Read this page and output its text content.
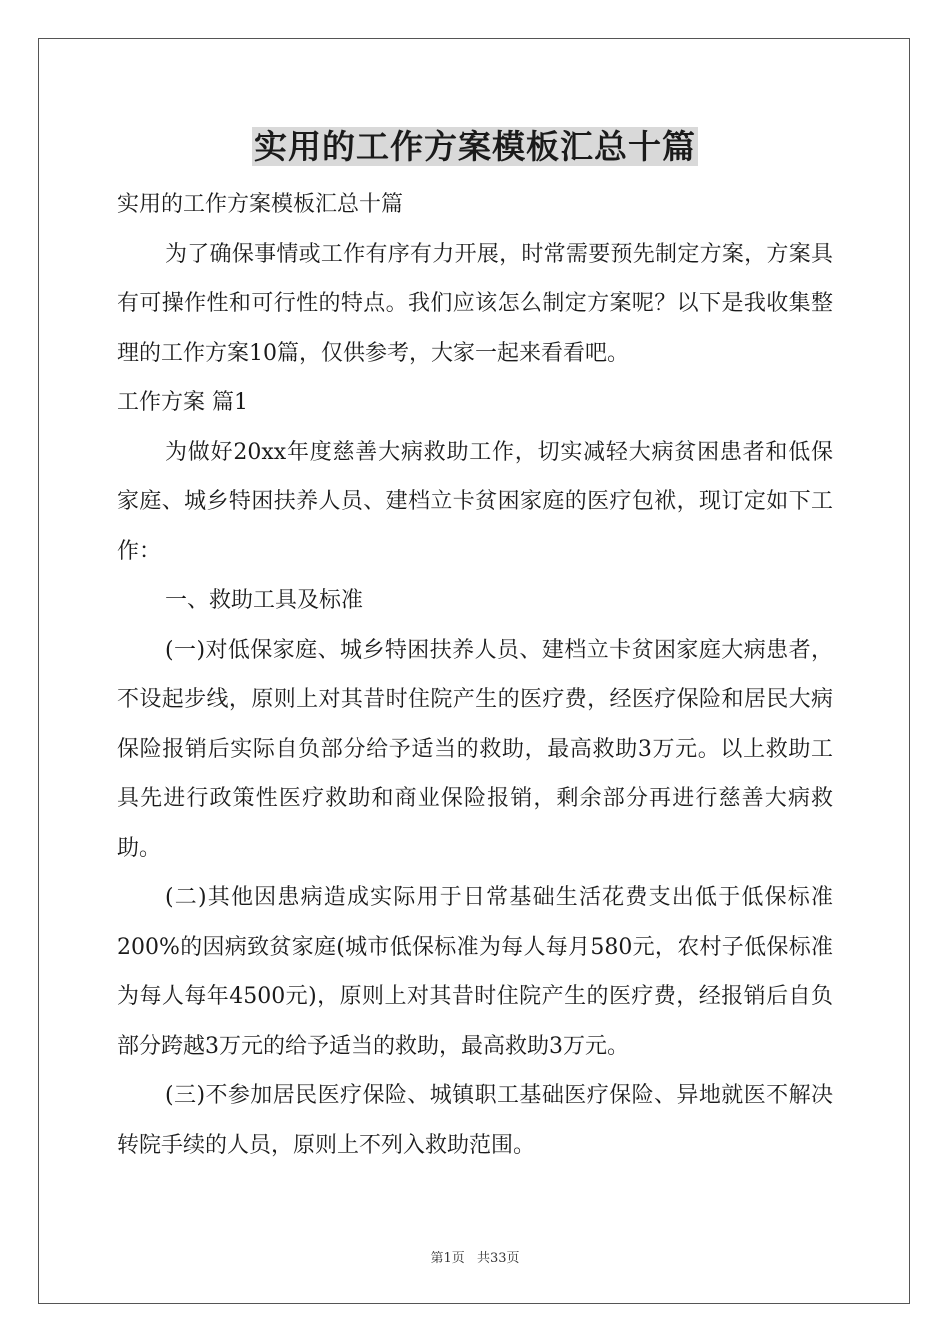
实用的工作方案模板汇总十篇

实用的工作方案模板汇总十篇

为了确保事情或工作有序有力开展，时常需要预先制定方案，方案具有可操作性和可行性的特点。我们应该怎么制定方案呢？以下是我收集整理的工作方案10篇，仅供参考，大家一起来看看吧。

工作方案 篇1

为做好20xx年度慈善大病救助工作，切实减轻大病贫困患者和低保家庭、城乡特困扶养人员、建档立卡贫困家庭的医疗包袱，现订定如下工作：

一、救助工具及标准

(一)对低保家庭、城乡特困扶养人员、建档立卡贫困家庭大病患者，不设起步线，原则上对其昔时住院产生的医疗费，经医疗保险和居民大病保险报销后实际自负部分给予适当的救助，最高救助3万元。以上救助工具先进行政策性医疗救助和商业保险报销，剩余部分再进行慈善大病救助。

(二)其他因患病造成实际用于日常基础生活花费支出低于低保标准200%的因病致贫家庭(城市低保标准为每人每月580元，农村子低保标准为每人每年4500元)，原则上对其昔时住院产生的医疗费，经报销后自负部分跨越3万元的给予适当的救助，最高救助3万元。

(三)不参加居民医疗保险、城镇职工基础医疗保险、异地就医不解决转院手续的人员，原则上不列入救助范围。

第1页 共33页
